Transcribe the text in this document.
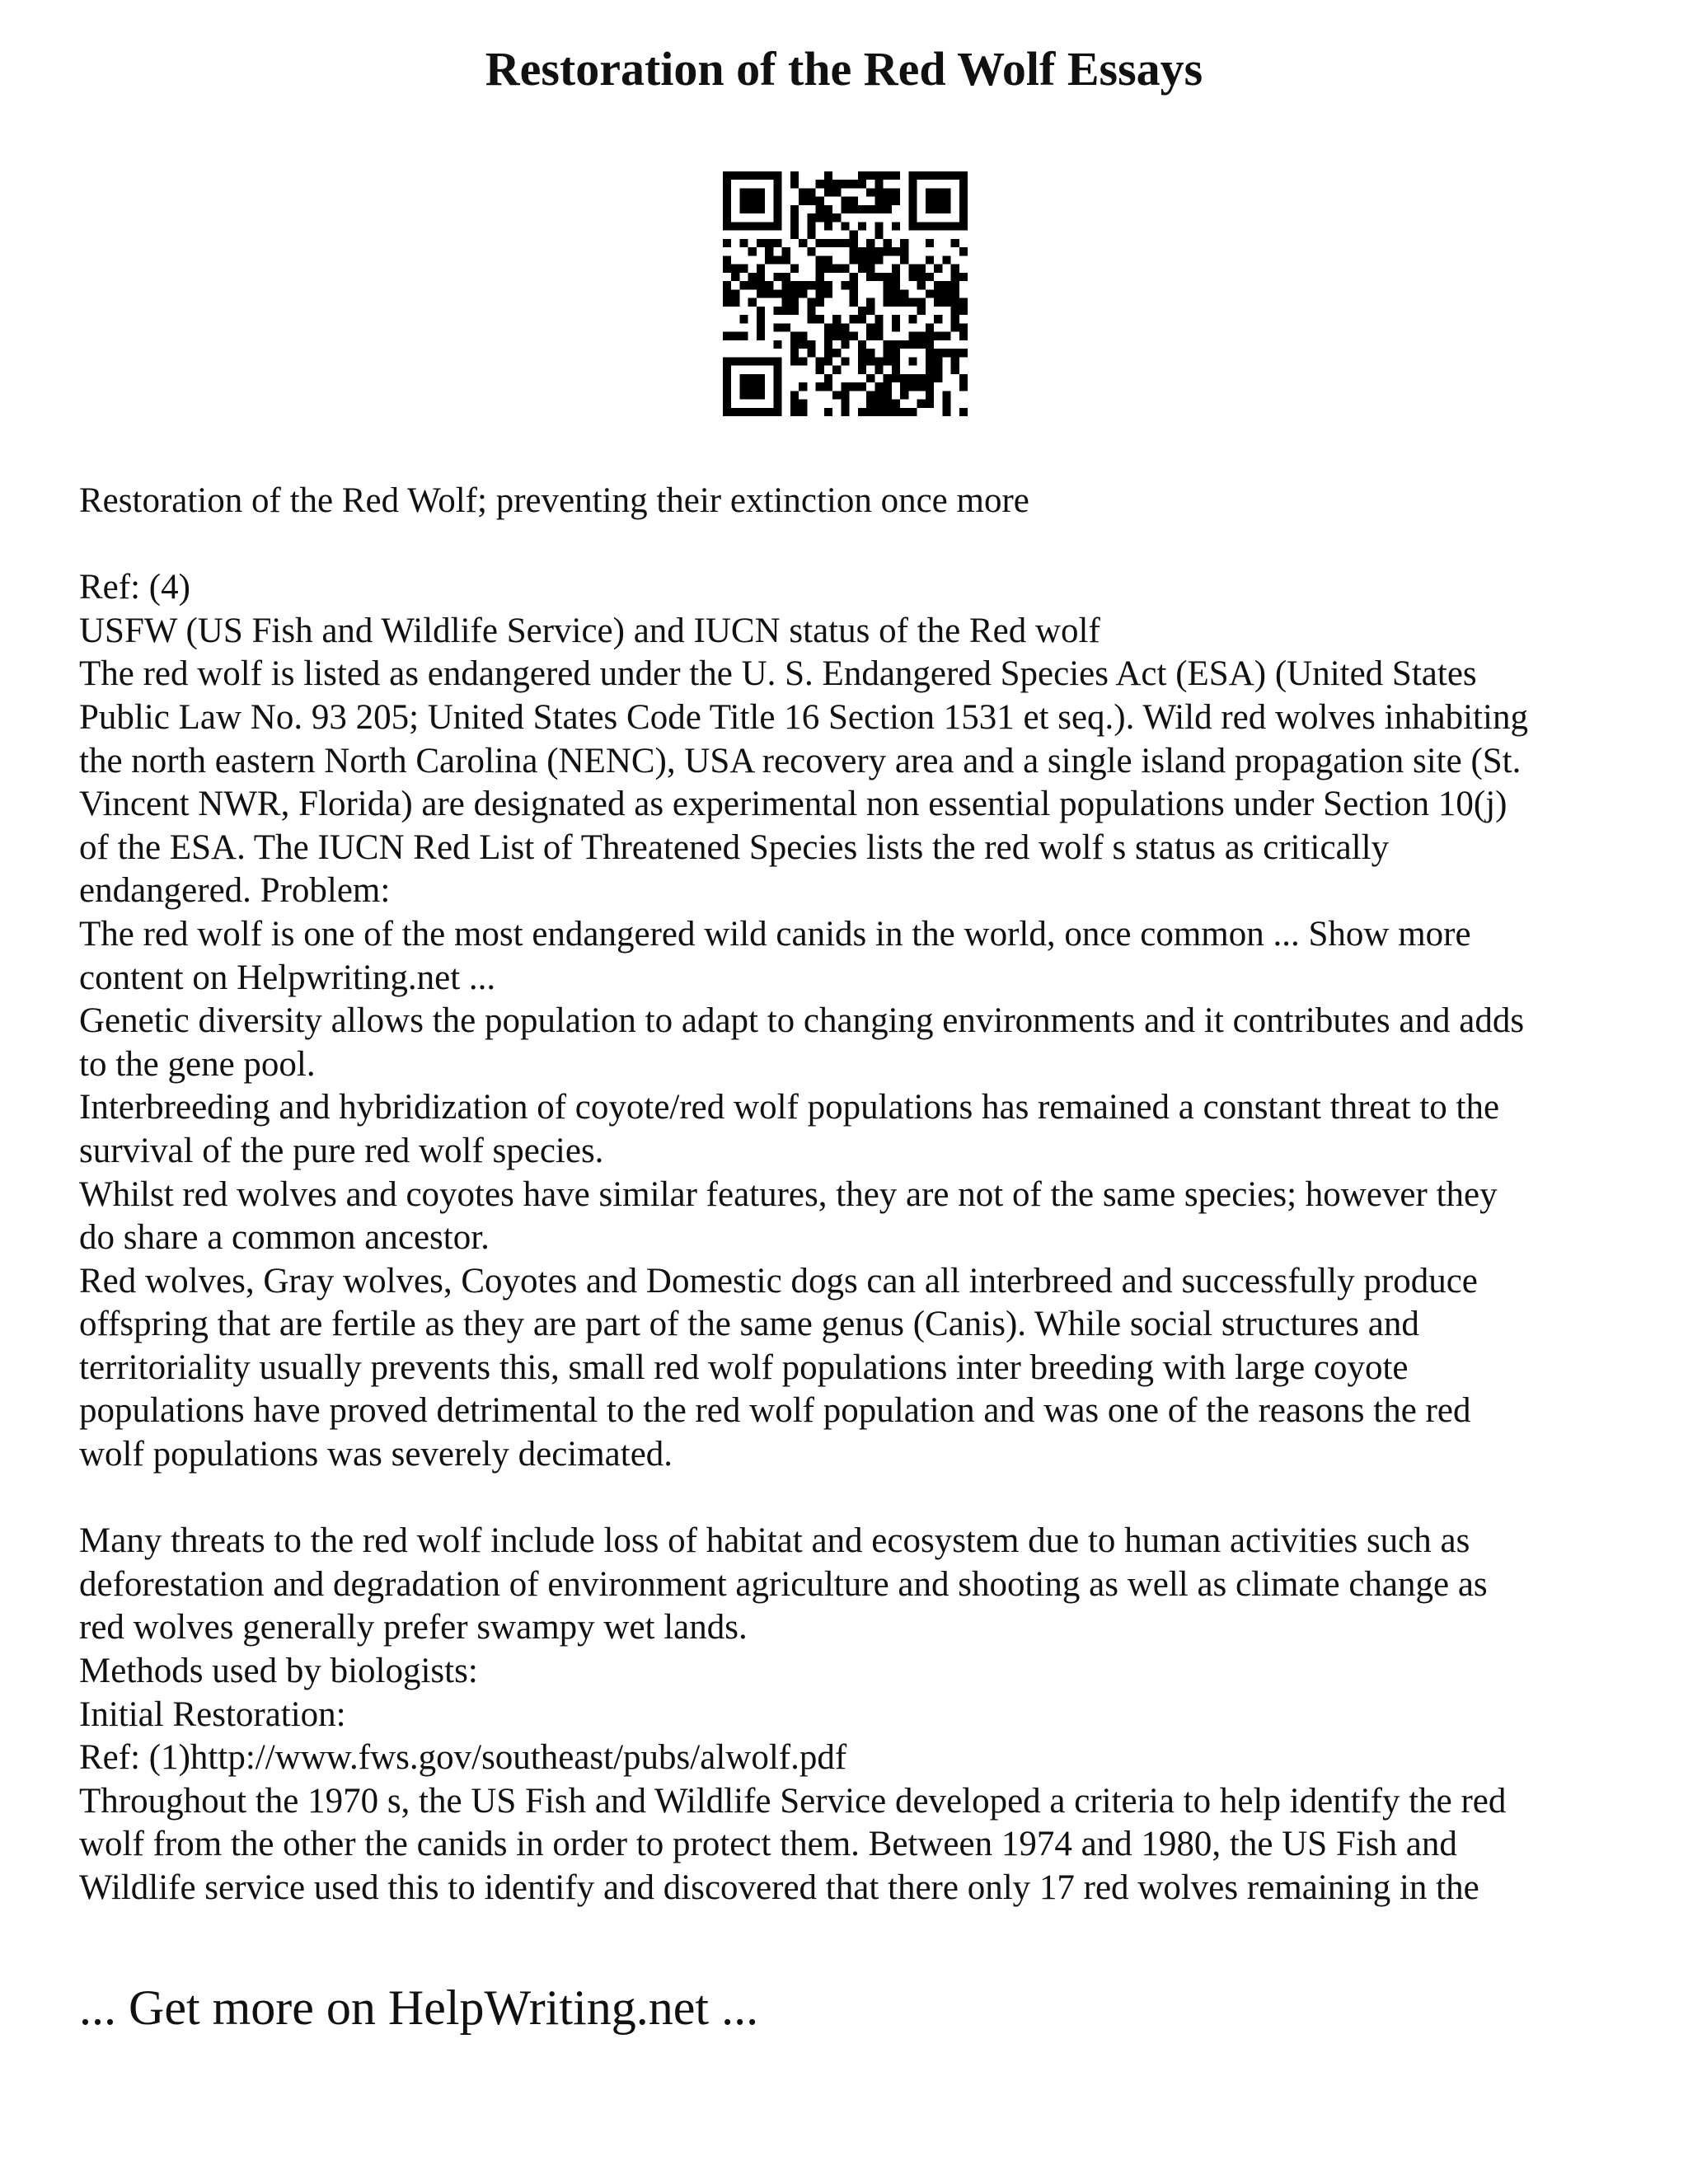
Restoration of the Red Wolf Essays
Restoration of the Red Wolf; preventing their extinction once more
Ref: (4)
USFW (US Fish and Wildlife Service) and IUCN status of the Red wolf
The red wolf is listed as endangered under the U. S. Endangered Species Act (ESA) (United States
Public Law No. 93 205; United States Code Title 16 Section 1531 et seq.). Wild red wolves inhabiting
the north eastern North Carolina (NENC), USA recovery area and a single island propagation site (St.
Vincent NWR, Florida) are designated as experimental non essential populations under Section 10(j)
of the ESA. The IUCN Red List of Threatened Species lists the red wolf s status as critically
endangered. Problem:
The red wolf is one of the most endangered wild canids in the world, once common ... Show more
content on Helpwriting.net ...
Genetic diversity allows the population to adapt to changing environments and it contributes and adds
to the gene pool.
Interbreeding and hybridization of coyote/red wolf populations has remained a constant threat to the
survival of the pure red wolf species.
Whilst red wolves and coyotes have similar features, they are not of the same species; however they
do share a common ancestor.
Red wolves, Gray wolves, Coyotes and Domestic dogs can all interbreed and successfully produce
offspring that are fertile as they are part of the same genus (Canis). While social structures and
territoriality usually prevents this, small red wolf populations inter breeding with large coyote
populations have proved detrimental to the red wolf population and was one of the reasons the red
wolf populations was severely decimated.
Many threats to the red wolf include loss of habitat and ecosystem due to human activities such as
deforestation and degradation of environment agriculture and shooting as well as climate change as
red wolves generally prefer swampy wet lands.
Methods used by biologists:
Initial Restoration:
Ref: (1)http://www.fws.gov/southeast/pubs/alwolf.pdf
Throughout the 1970 s, the US Fish and Wildlife Service developed a criteria to help identify the red
wolf from the other the canids in order to protect them. Between 1974 and 1980, the US Fish and
Wildlife service used this to identify and discovered that there only 17 red wolves remaining in the
... Get more on HelpWriting.net ...
